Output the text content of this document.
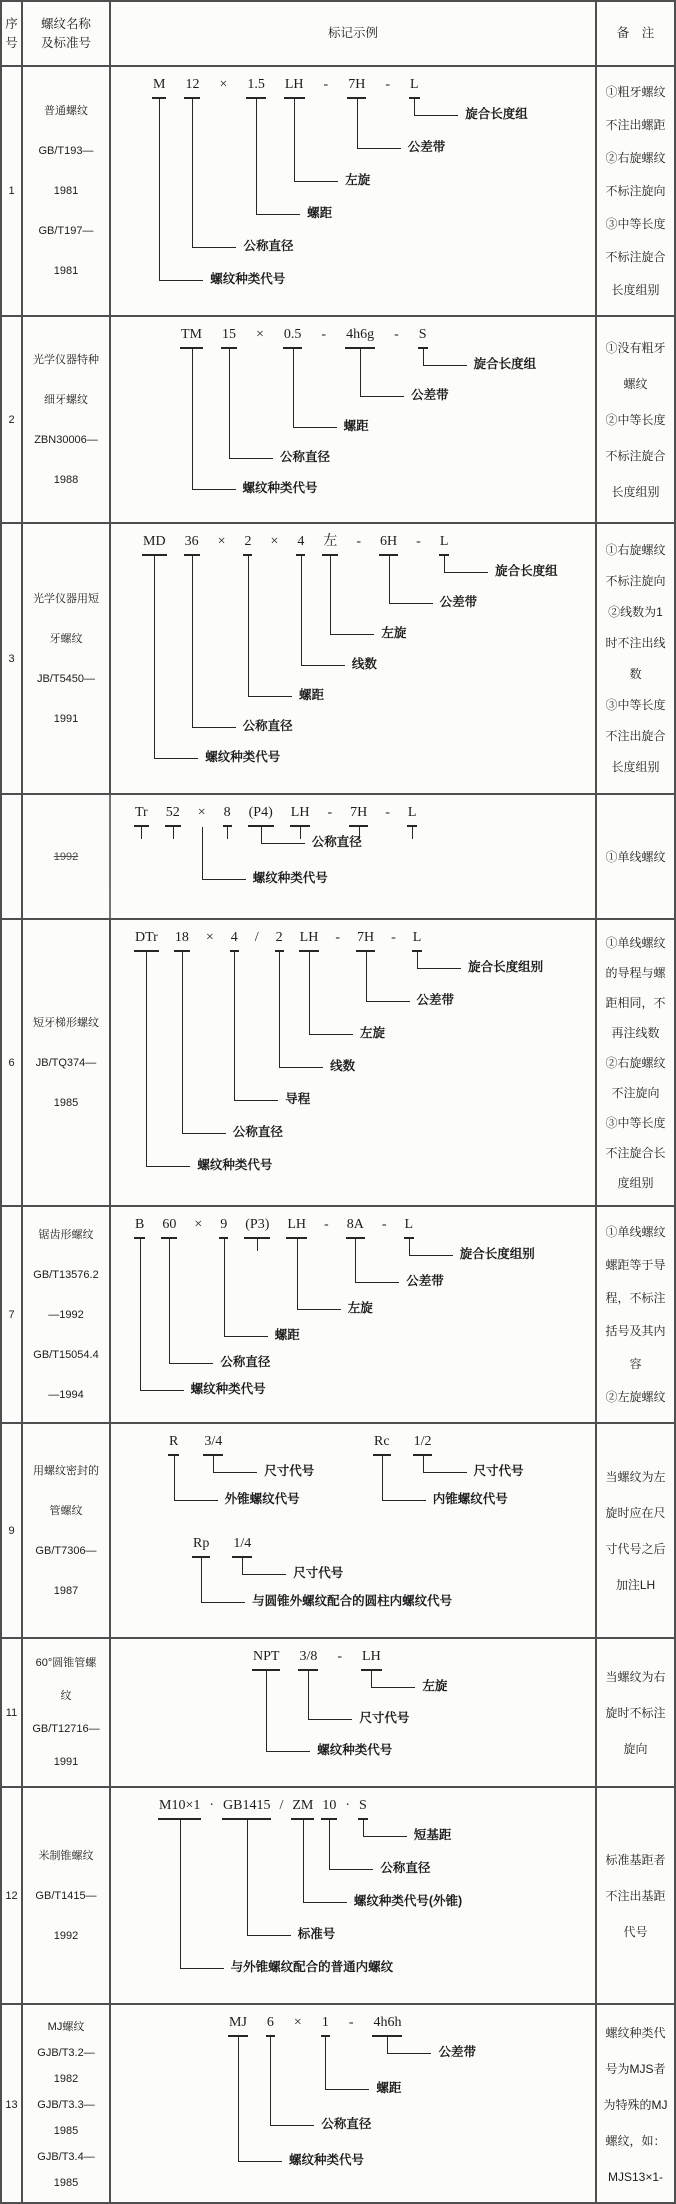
序
号
螺纹名称
及标准号
标记示例	备　注
1
普通螺纹
GB/T193—
1981
GB/T197—
1981
M 12 × 1.5 LH - 7H - L
旋合长度组
公差带
左旋
螺距
公称直径
螺纹种类代号
①粗牙螺纹
不注出螺距
②右旋螺纹
不标注旋向
③中等长度
不标注旋合
长度组别
2
光学仪器特种
细牙螺纹
ZBN30006—
1988
TM 15 × 0.5 - 4h6g - S
旋合长度组
公差带
螺距
公称直径
螺纹种类代号
①没有粗牙
螺纹
②中等长度
不标注旋合
长度组别
3
光学仪器用短
牙螺纹
JB/T5450—
1991
MD 36 × 2 × 4 左 - 6H - L
旋合长度组
公差带
左旋
线数
螺距
公称直径
螺纹种类代号
①右旋螺纹
不标注旋向
②线数为1
时不注出线
数
③中等长度
不注出旋合
长度组别
1992
Tr 52 × 8 (P4) LH - 7H - L
公称直径
螺纹种类代号
①单线螺纹
6
短牙梯形螺纹
JB/TQ374—
1985
DTr 18 × 4 / 2 LH - 7H - L
旋合长度组别
公差带
左旋
线数
导程
公称直径
螺纹种类代号
①单线螺纹
的导程与螺
距相同，不
再注线数
②右旋螺纹
不注旋向
③中等长度
不注旋合长
度组别
7
锯齿形螺纹
GB/T13576.2
—1992
GB/T15054.4
—1994
B 60 × 9 (P3) LH - 8A - L
旋合长度组别
公差带
左旋
螺距
公称直径
螺纹种类代号
①单线螺纹
螺距等于导
程，不标注
括号及其内
容
②左旋螺纹
9
用螺纹密封的
管螺纹
GB/T7306—
1987
R 3/4
尺寸代号
外锥螺纹代号
Rc 1/2
尺寸代号
内锥螺纹代号
Rp 1/4
尺寸代号
与圆锥外螺纹配合的圆柱内螺纹代号
当螺纹为左
旋时应在尺
寸代号之后
加注LH
11
60°圆锥管螺
纹
GB/T12716—
1991
NPT 3/8 - LH
左旋
尺寸代号
螺纹种类代号
当螺纹为右
旋时不标注
旋向
12
米制锥螺纹
GB/T1415—
1992
M10×1 · GB1415 / ZM 10 · S
短基距
公称直径
螺纹种类代号(外锥)
标准号
与外锥螺纹配合的普通内螺纹
标准基距者
不注出基距
代号
13
MJ螺纹
GJB/T3.2—
1982
GJB/T3.3—
1985
GJB/T3.4—
1985
MJ 6 × 1 - 4h6h
公差带
螺距
公称直径
螺纹种类代号
螺纹种类代
号为MJS者
为特殊的MJ
螺纹，如：
MJS13×1-
